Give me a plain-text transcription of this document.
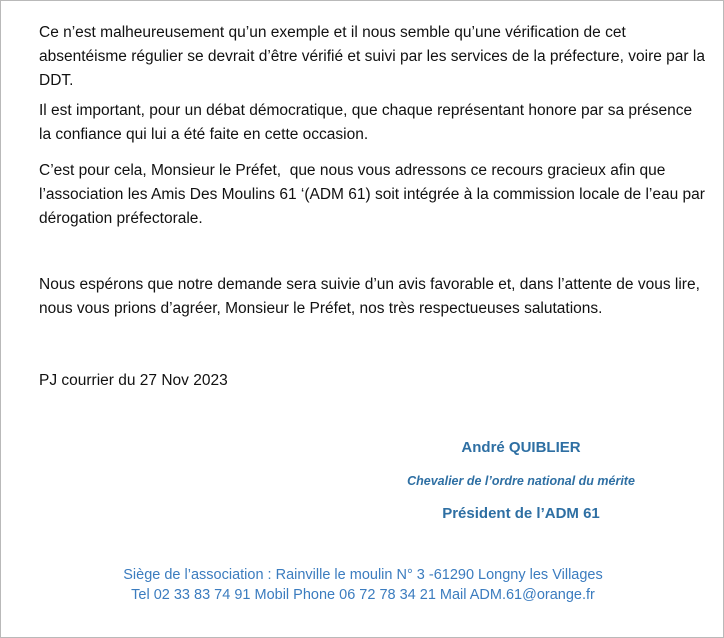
Ce n’est malheureusement qu’un exemple et il nous semble qu’une vérification de cet absentéisme régulier se devrait d’être vérifié et suivi par les services de la préfecture, voire par la DDT.

Il est important, pour un débat démocratique, que chaque représentant honore par sa présence la confiance qui lui a été faite en cette occasion.

C’est pour cela, Monsieur le Préfet,  que nous vous adressons ce recours gracieux afin que l’association les Amis Des Moulins 61 ‘(ADM 61) soit intégrée à la commission locale de l’eau par dérogation préfectorale.

Nous espérons que notre demande sera suivie d’un avis favorable et, dans l’attente de vous lire, nous vous prions d’agréer, Monsieur le Préfet, nos très respectueuses salutations.

PJ courrier du 27 Nov 2023

André QUIBLIER

Chevalier de l’ordre national du mérite

Président de l’ADM 61

Siège de l’association : Rainville le moulin N° 3 -61290 Longny les Villages

Tel 02 33 83 74 91 Mobil Phone 06 72 78 34 21 Mail ADM.61@orange.fr
